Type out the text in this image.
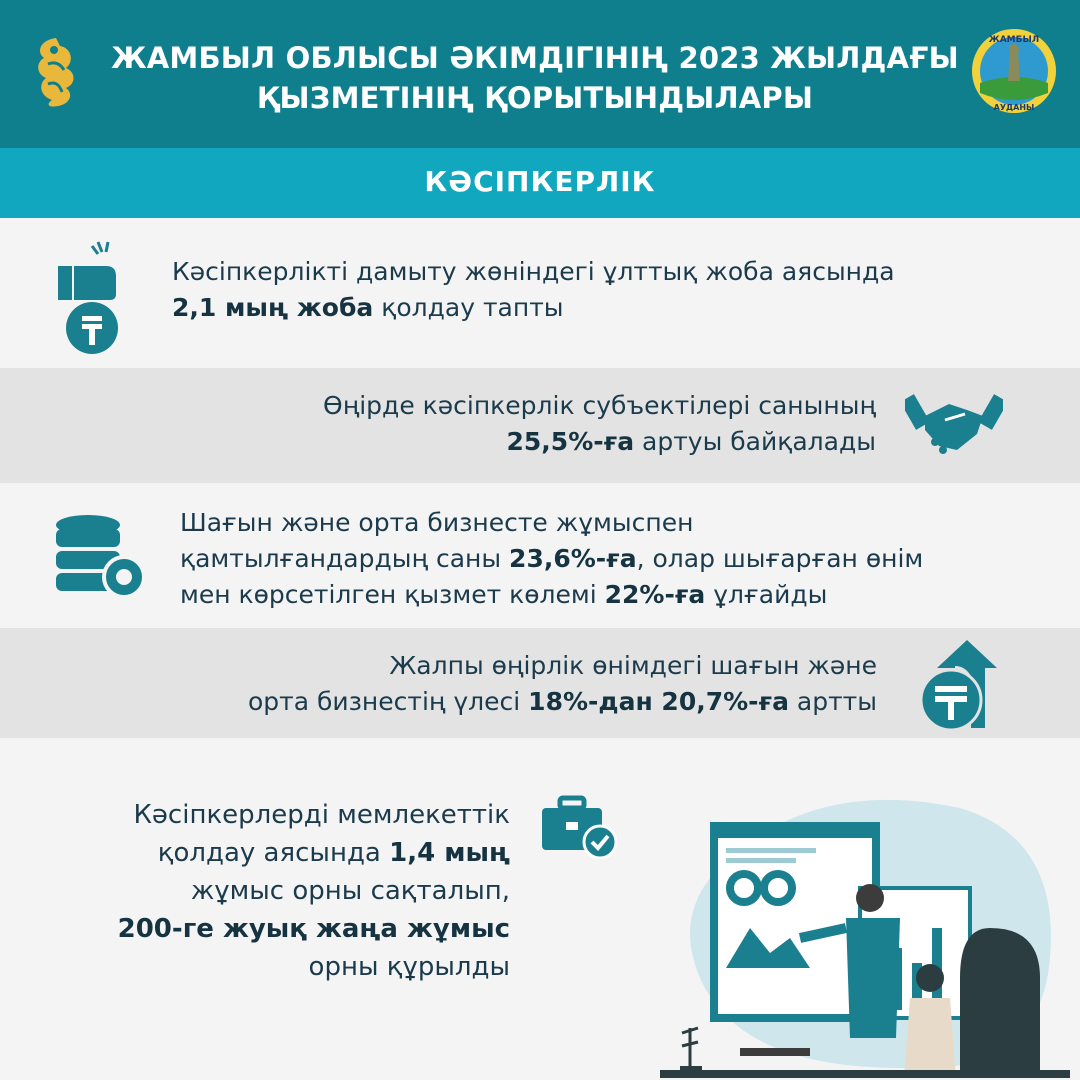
ЖАМБЫЛ ОБЛЫСЫ ӘКІМДІГІНІҢ 2023 ЖЫЛДАҒЫ
ҚЫЗМЕТІНІҢ ҚОРЫТЫНДЫЛАРЫ
ЖАМБЫЛ
АУДАНЫ
КӘСІПКЕРЛІК
Кәсіпкерлікті дамыту жөніндегі ұлттық жоба аясында
2,1 мың жоба қолдау тапты
Өңірде кәсіпкерлік субъектілері санының
25,5%-ға артуы байқалады
Шағын және орта бизнесте жұмыспен
қамтылғандардың саны 23,6%-ға, олар шығарған өнім
мен көрсетілген қызмет көлемі 22%-ға ұлғайды
Жалпы өңірлік өнімдегі шағын және
орта бизнестің үлесі 18%-дан 20,7%-ға артты
Кәсіпкерлерді мемлекеттік
қолдау аясында 1,4 мың
жұмыс орны сақталып,
200-ге жуық жаңа жұмыс
орны құрылды
